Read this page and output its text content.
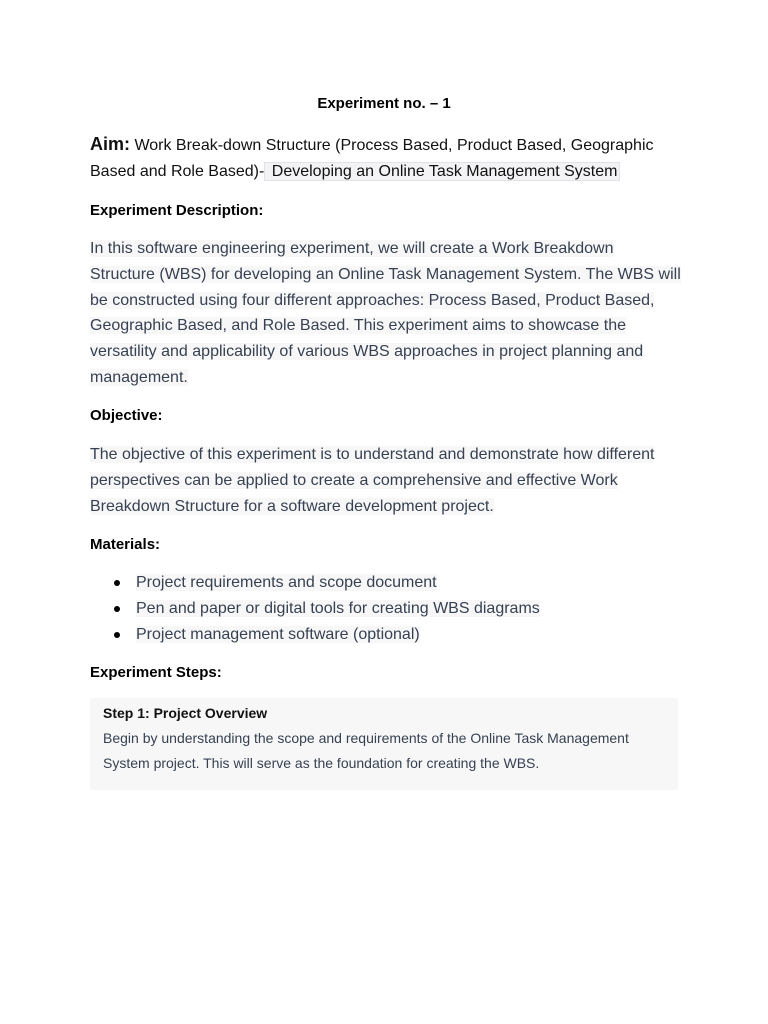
Experiment no. – 1
Aim: Work Break-down Structure (Process Based, Product Based, Geographic Based and Role Based)- Developing an Online Task Management System
Experiment Description:
In this software engineering experiment, we will create a Work Breakdown Structure (WBS) for developing an Online Task Management System. The WBS will be constructed using four different approaches: Process Based, Product Based, Geographic Based, and Role Based. This experiment aims to showcase the versatility and applicability of various WBS approaches in project planning and management.
Objective:
The objective of this experiment is to understand and demonstrate how different perspectives can be applied to create a comprehensive and effective Work Breakdown Structure for a software development project.
Materials:
Project requirements and scope document
Pen and paper or digital tools for creating WBS diagrams
Project management software (optional)
Experiment Steps:
Step 1: Project Overview
Begin by understanding the scope and requirements of the Online Task Management System project. This will serve as the foundation for creating the WBS.
